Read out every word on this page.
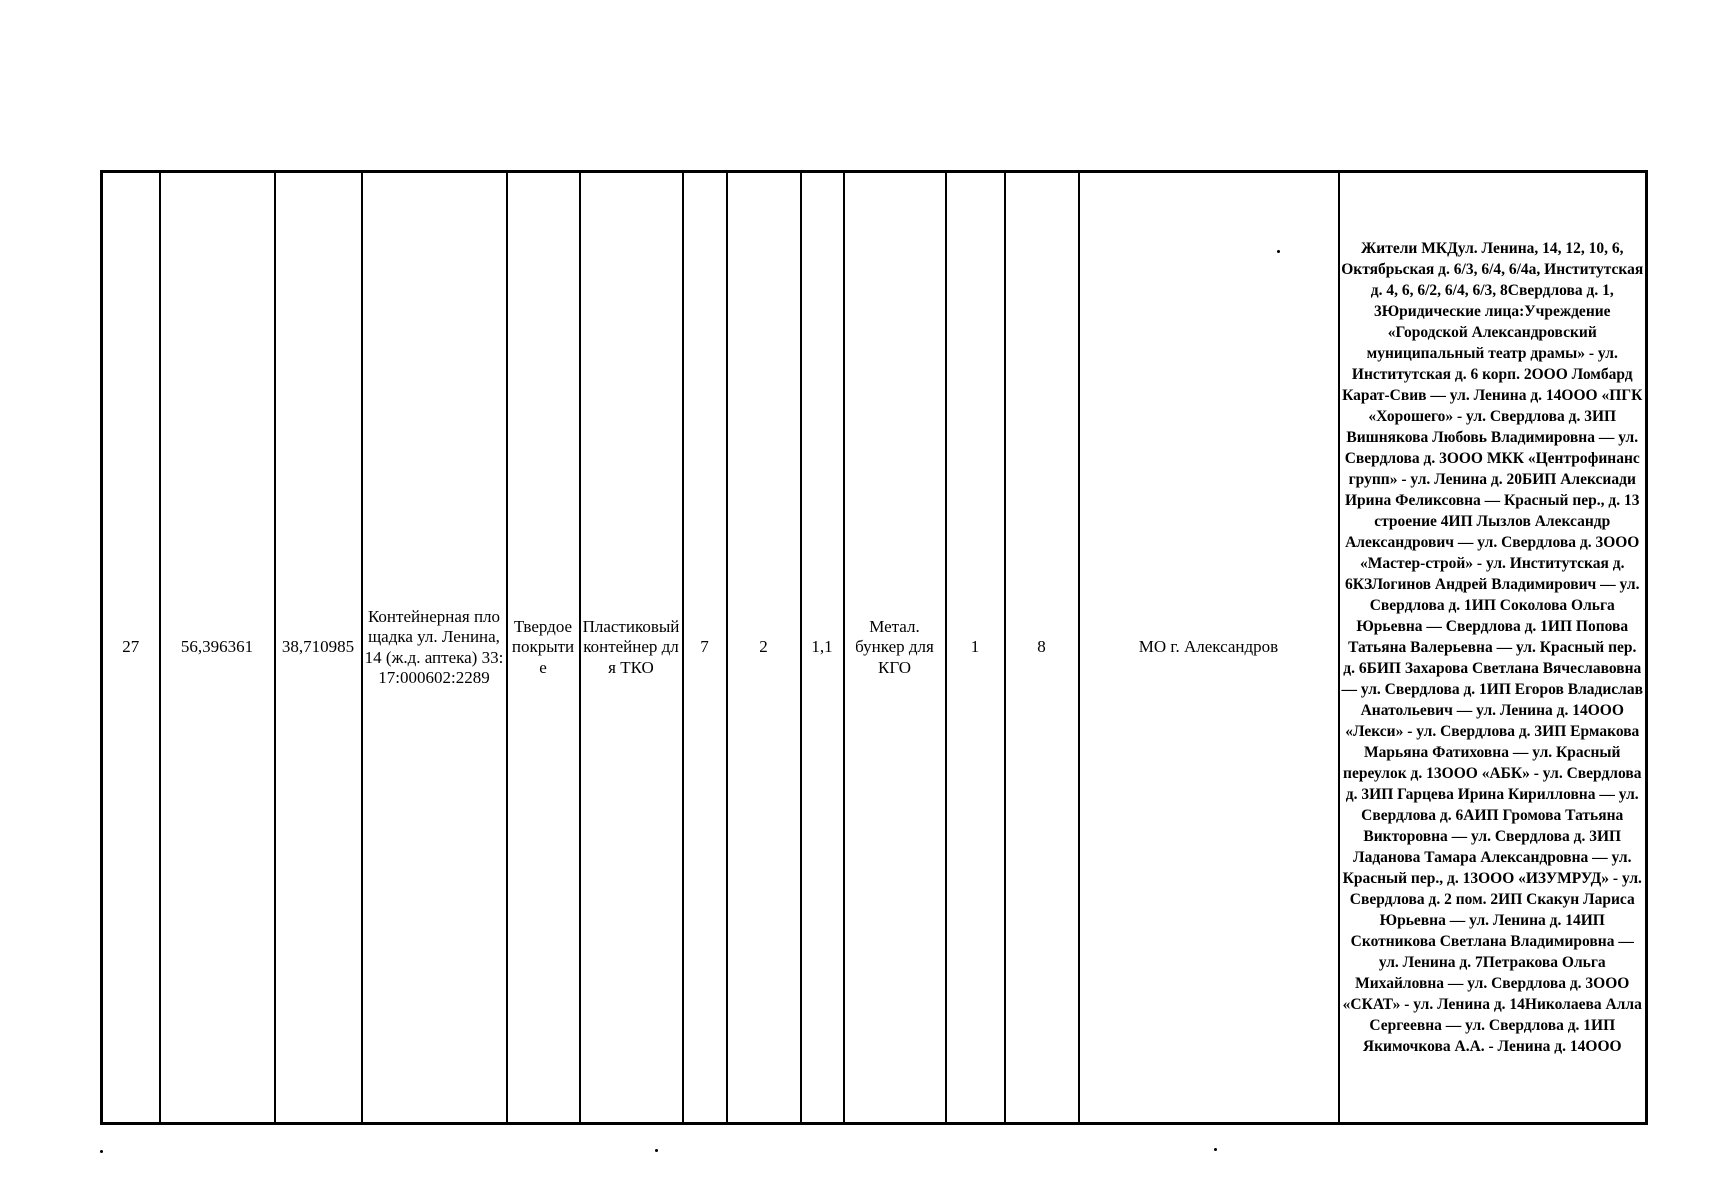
27	56,396361	38,710985	Контейнерная площадка ул. Ленина, 14 (ж.д. аптека) 33:17:000602:2289	Твердое покрытие	Пластиковый контейнер для ТКО	7	2	1,1	Метал. бункер для КГО	1	8	МО г. Александров	Жители МКДул. Ленина, 14, 12, 10, 6, Октябрьская д. 6/3, 6/4, 6/4а, Институтская д. 4, 6, 6/2, 6/4, 6/3, 8Свердлова д. 1, 3Юридические лица:Учреждение «Городской Александровский муниципальный театр драмы» - ул. Институтская д. 6 корп. 2ООО Ломбард Карат-Свив — ул. Ленина д. 14ООО «ПГК «Хорошего» - ул. Свердлова д. 3ИП Вишнякова Любовь Владимировна — ул. Свердлова д. 3ООО МКК «Центрофинанс групп» - ул. Ленина д. 20БИП Алексиади Ирина Феликсовна — Красный пер., д. 13 строение 4ИП Лызлов Александр Александрович — ул. Свердлова д. 3ООО «Мастер-строй» - ул. Институтская д. 6КЗЛогинов Андрей Владимирович — ул. Свердлова д. 1ИП Соколова Ольга Юрьевна — Свердлова д. 1ИП Попова Татьяна Валерьевна — ул. Красный пер. д. 6БИП Захарова Светлана Вячеславовна — ул. Свердлова д. 1ИП Егоров Владислав Анатольевич — ул. Ленина д. 14ООО «Лекси» - ул. Свердлова д. 3ИП Ермакова Марьяна Фатиховна — ул. Красный переулок д. 13ООО «АБК» - ул. Свердлова д. 3ИП Гарцева Ирина Кирилловна — ул. Свердлова д. 6АИП Громова Татьяна Викторовна — ул. Свердлова д. 3ИП Ладанова Тамара Александровна — ул. Красный пер., д. 13ООО «ИЗУМРУД» - ул. Свердлова д. 2 пом. 2ИП Скакун Лариса Юрьевна — ул. Ленина д. 14ИП Скотникова Светлана Владимировна — ул. Ленина д. 7Петракова Ольга Михайловна — ул. Свердлова д. 3ООО «СКАТ» - ул. Ленина д. 14Николаева Алла Сергеевна — ул. Свердлова д. 1ИП Якимочкова А.А. - Ленина д. 14ООО
